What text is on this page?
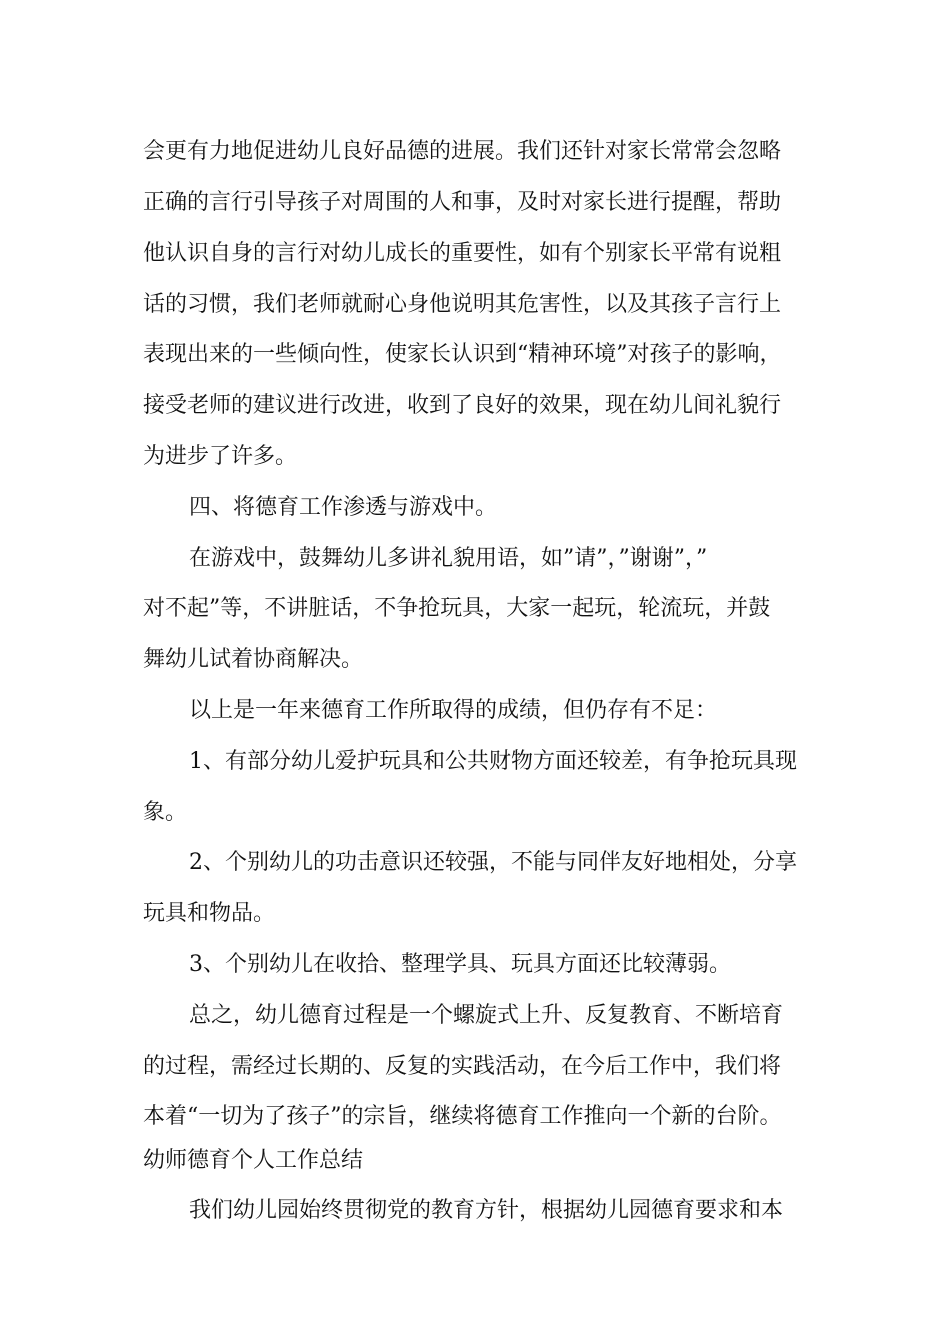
会更有力地促进幼儿良好品德的进展。我们还针对家长常常会忽略
正确的言行引导孩子对周围的人和事，及时对家长进行提醒，帮助
他认识自身的言行对幼儿成长的重要性，如有个别家长平常有说粗
话的习惯，我们老师就耐心身他说明其危害性，以及其孩子言行上
表现出来的一些倾向性，使家长认识到“精神环境”对孩子的影响，
接受老师的建议进行改进，收到了良好的效果，现在幼儿间礼貌行
为进步了许多。
四、将德育工作渗透与游戏中。
在游戏中，鼓舞幼儿多讲礼貌用语，如”请”，”谢谢”，”
对不起”等，不讲脏话，不争抢玩具，大家一起玩，轮流玩，并鼓
舞幼儿试着协商解决。
以上是一年来德育工作所取得的成绩，但仍存有不足：
1、有部分幼儿爱护玩具和公共财物方面还较差，有争抢玩具现
象。
2、个别幼儿的功击意识还较强，不能与同伴友好地相处，分享
玩具和物品。
3、个别幼儿在收拾、整理学具、玩具方面还比较薄弱。
总之，幼儿德育过程是一个螺旋式上升、反复教育、不断培育
的过程，需经过长期的、反复的实践活动，在今后工作中，我们将
本着“一切为了孩子”的宗旨，继续将德育工作推向一个新的台阶。
幼师德育个人工作总结
我们幼儿园始终贯彻党的教育方针，根据幼儿园德育要求和本
